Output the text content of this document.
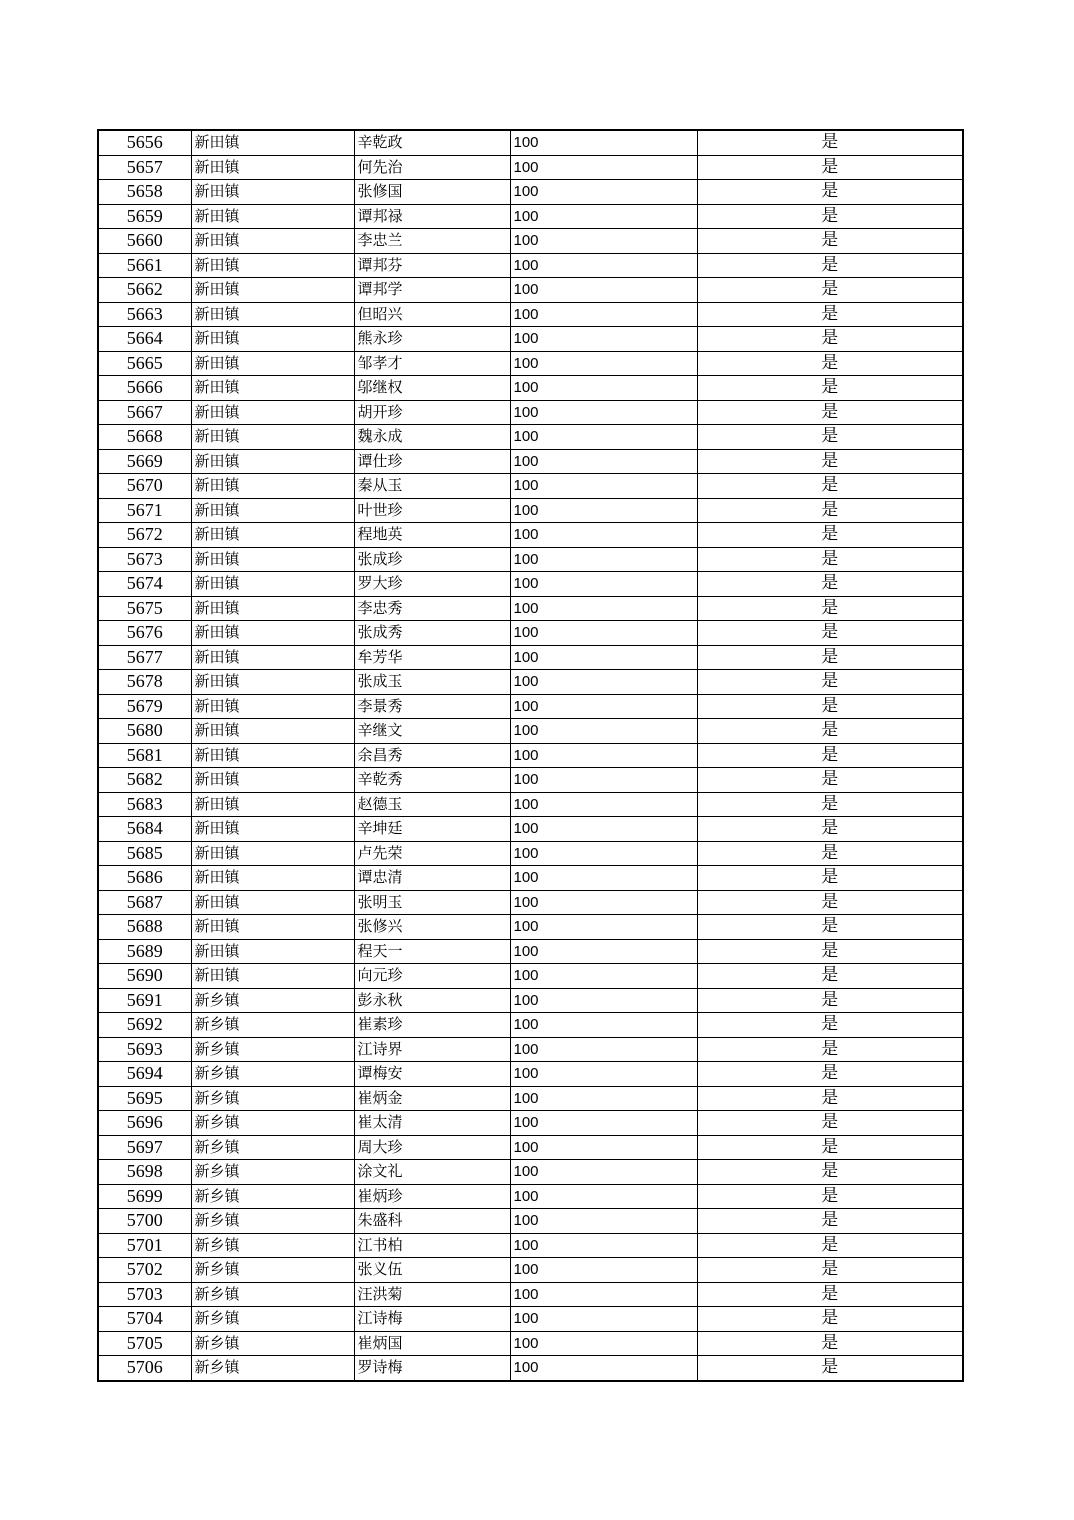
5656	新田镇	辛乾政	100	是
5657	新田镇	何先治	100	是
5658	新田镇	张修国	100	是
5659	新田镇	谭邦禄	100	是
5660	新田镇	李忠兰	100	是
5661	新田镇	谭邦芬	100	是
5662	新田镇	谭邦学	100	是
5663	新田镇	但昭兴	100	是
5664	新田镇	熊永珍	100	是
5665	新田镇	邹孝才	100	是
5666	新田镇	邬继权	100	是
5667	新田镇	胡开珍	100	是
5668	新田镇	魏永成	100	是
5669	新田镇	谭仕珍	100	是
5670	新田镇	秦从玉	100	是
5671	新田镇	叶世珍	100	是
5672	新田镇	程地英	100	是
5673	新田镇	张成珍	100	是
5674	新田镇	罗大珍	100	是
5675	新田镇	李忠秀	100	是
5676	新田镇	张成秀	100	是
5677	新田镇	牟芳华	100	是
5678	新田镇	张成玉	100	是
5679	新田镇	李景秀	100	是
5680	新田镇	辛继文	100	是
5681	新田镇	余昌秀	100	是
5682	新田镇	辛乾秀	100	是
5683	新田镇	赵德玉	100	是
5684	新田镇	辛坤廷	100	是
5685	新田镇	卢先荣	100	是
5686	新田镇	谭忠清	100	是
5687	新田镇	张明玉	100	是
5688	新田镇	张修兴	100	是
5689	新田镇	程天一	100	是
5690	新田镇	向元珍	100	是
5691	新乡镇	彭永秋	100	是
5692	新乡镇	崔素珍	100	是
5693	新乡镇	江诗界	100	是
5694	新乡镇	谭梅安	100	是
5695	新乡镇	崔炳金	100	是
5696	新乡镇	崔太清	100	是
5697	新乡镇	周大珍	100	是
5698	新乡镇	涂文礼	100	是
5699	新乡镇	崔炳珍	100	是
5700	新乡镇	朱盛科	100	是
5701	新乡镇	江书柏	100	是
5702	新乡镇	张义伍	100	是
5703	新乡镇	汪洪菊	100	是
5704	新乡镇	江诗梅	100	是
5705	新乡镇	崔炳国	100	是
5706	新乡镇	罗诗梅	100	是
